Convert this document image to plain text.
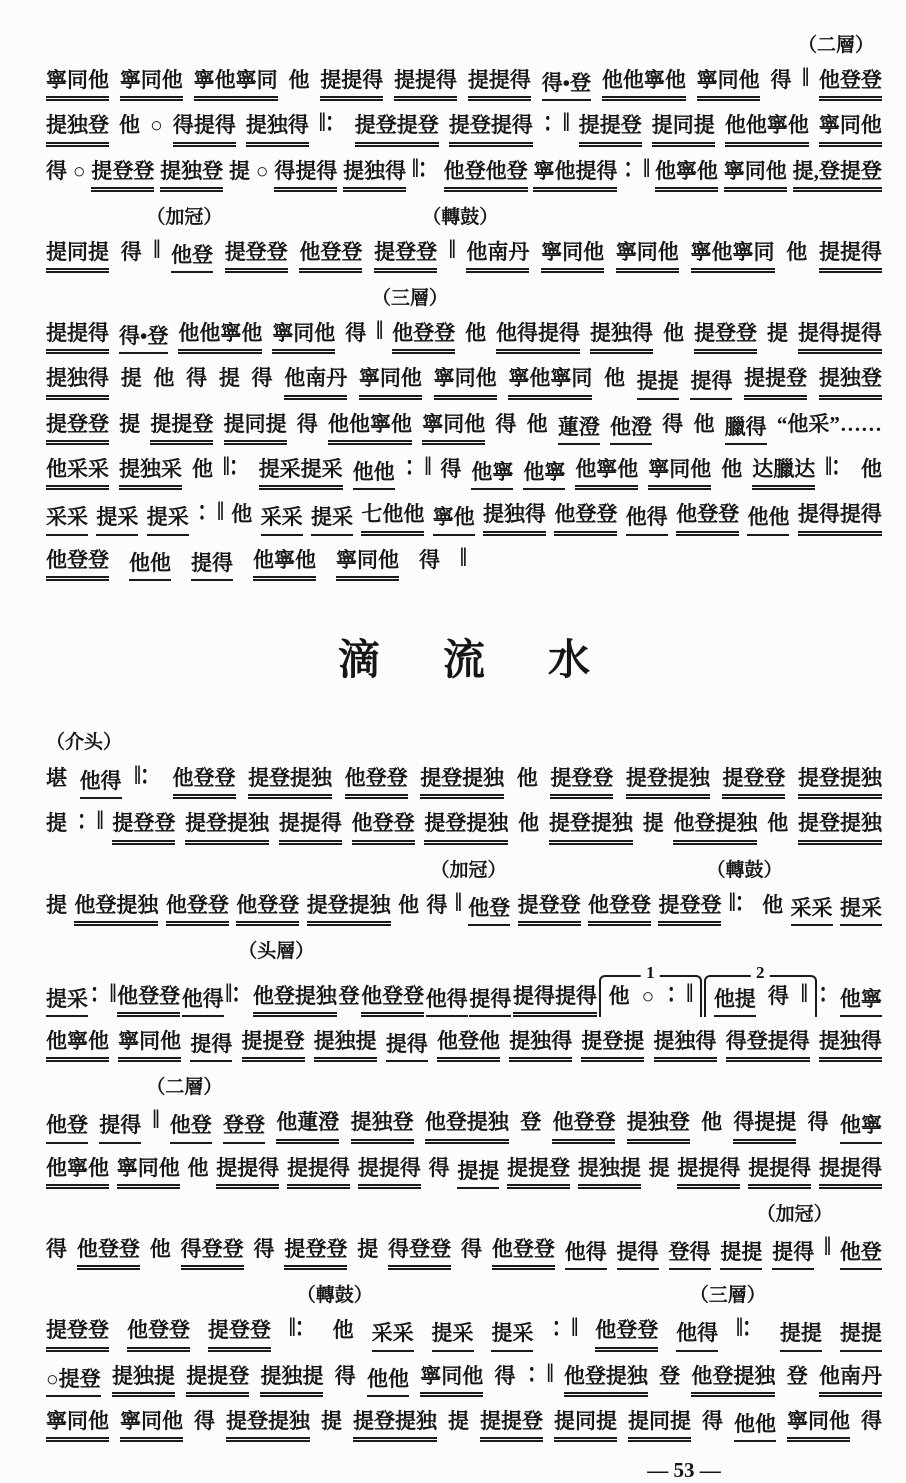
（二層）
寧同他 寧同他 寧他寧同 他 提提得 提提得 提提得 得•登 他他寧他 寧同他 得 ‖ 他登登
提独登 他 ○ 得提得 提独得 ‖： 提登提登 提登提得 ：‖ 提提登 提同提 他他寧他 寧同他
得 ○ 提登登 提独登 提 ○ 得提得 提独得 ‖： 他登他登 寧他提得 ：‖ 他寧他 寧同他 提,登提登
（加冠）	（轉鼓）
提同提 得 ‖ 他登 提登登 他登登 提登登 ‖ 他南丹 寧同他 寧同他 寧他寧同 他 提提得
（三層）
提提得 得•登 他他寧他 寧同他 得 ‖ 他登登 他 他得提得 提独得 他 提登登 提 提得提得
提独得 提 他 得 提 得 他南丹 寧同他 寧同他 寧他寧同 他 提提 提得 提提登 提独登
提登登 提 提提登 提同提 得 他他寧他 寧同他 得 他 蓮澄 他澄 得 他 臘得 “他采”……
他采采 提独采 他 ‖： 提采提采 他他 ：‖ 得 他寧 他寧 他寧他 寧同他 他 达臘达 ‖： 他
采采 提采 提采 ：‖ 他 采采 提采 七他他 寧他 提独得 他登登 他得 他登登 他他 提得提得
他登登 他他 提得 他寧他 寧同他 得 ‖
滴流水
（介头）
堪 他得 ‖： 他登登 提登提独 他登登 提登提独 他 提登登 提登提独 提登登 提登提独
提 ：‖ 提登登 提登提独 提提得 他登登 提登提独 他 提登提独 提 他登提独 他 提登提独
（加冠）	（轉鼓）
提 他登提独 他登登 他登登 提登提独 他 得 ‖ 他登 提登登 他登登 提登登 ‖： 他 采采 提采
（头層）
提采 ：‖ 他登登 他得 ‖： 他登提独 登 他登登 他得 提得 提得提得
1
他 ○ ：‖
2
他提 得 ‖ ： 他寧
他寧他 寧同他 提得 提提登 提独提 提得 他登他 提独得 提登提 提独得 得登提得 提独得
（二層）
他登 提得 ‖ 他登 登登 他蓮澄 提独登 他登提独 登 他登登 提独登 他 得提提 得 他寧
他寧他 寧同他 他 提提得 提提得 提提得 得 提提 提提登 提独提 提 提提得 提提得 提提得
（加冠）
得 他登登 他 得登登 得 提登登 提 得登登 得 他登登 他得 提得 登得 提提 提得 ‖ 他登
（轉鼓）	（三層）
提登登 他登登 提登登 ‖： 他 采采 提采 提采 ：‖ 他登登 他得 ‖： 提提 提提
○提登 提独提 提提登 提独提 得 他他 寧同他 得 ：‖ 他登提独 登 他登提独 登 他南丹
寧同他 寧同他 得 提登提独 提 提登提独 提 提提登 提同提 提同提 得 他他 寧同他 得
— 53 —
